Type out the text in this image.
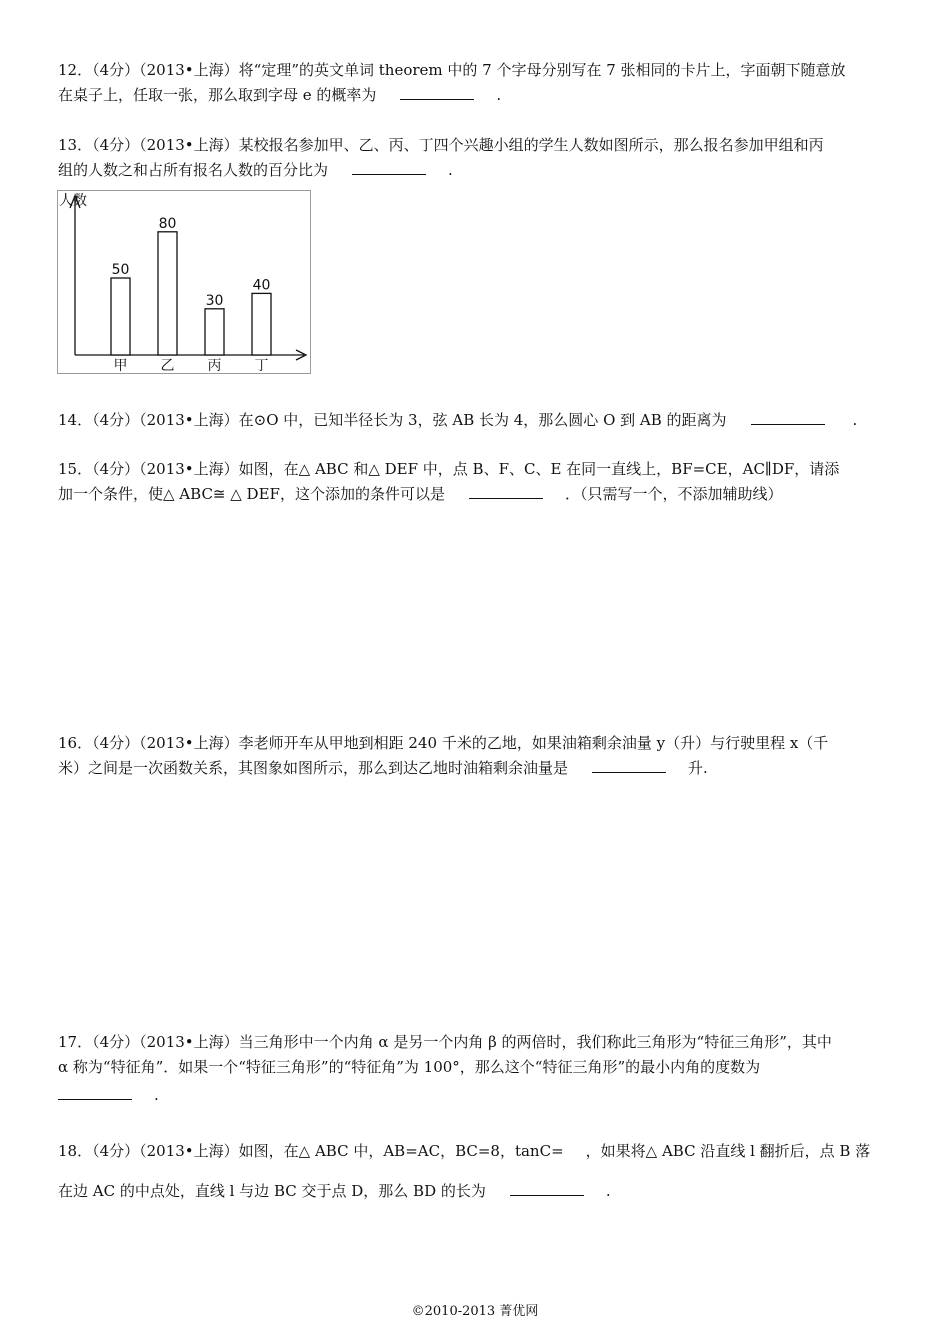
12．（4分）（2013•上海）将“定理”的英文单词 theorem 中的 7 个字母分别写在 7 张相同的卡片上，字面朝下随意放
在桌子上，任取一张，那么取到字母 e 的概率为	.
13．（4分）（2013•上海）某校报名参加甲、乙、丙、丁四个兴趣小组的学生人数如图所示，那么报名参加甲组和丙
组的人数之和占所有报名人数的百分比为	.
人数
50
甲
80
乙
30
丙
40
丁
14．（4分）（2013•上海）在⊙O 中，已知半径长为 3，弦 AB 长为 4，那么圆心 O 到 AB 的距离为	.
15．（4分）（2013•上海）如图，在△ ABC 和△ DEF 中，点 B、F、C、E 在同一直线上，BF=CE，AC∥DF，请添
加一个条件，使△ ABC≅ △ DEF，这个添加的条件可以是	．（只需写一个，不添加辅助线）
16．（4分）（2013•上海）李老师开车从甲地到相距 240 千米的乙地，如果油箱剩余油量 y（升）与行驶里程 x（千
米）之间是一次函数关系，其图象如图所示，那么到达乙地时油箱剩余油量是	升.
17．（4分）（2013•上海）当三角形中一个内角 α 是另一个内角 β 的两倍时，我们称此三角形为“特征三角形”，其中
α 称为“特征角”．如果一个“特征三角形”的“特征角”为 100°，那么这个“特征三角形”的最小内角的度数为
.
18．（4分）（2013•上海）如图，在△ ABC 中，AB=AC，BC=8，tanC= ，如果将△ ABC 沿直线 l 翻折后，点 B 落
在边 AC 的中点处，直线 l 与边 BC 交于点 D，那么 BD 的长为	.
©2010-2013 菁优网
